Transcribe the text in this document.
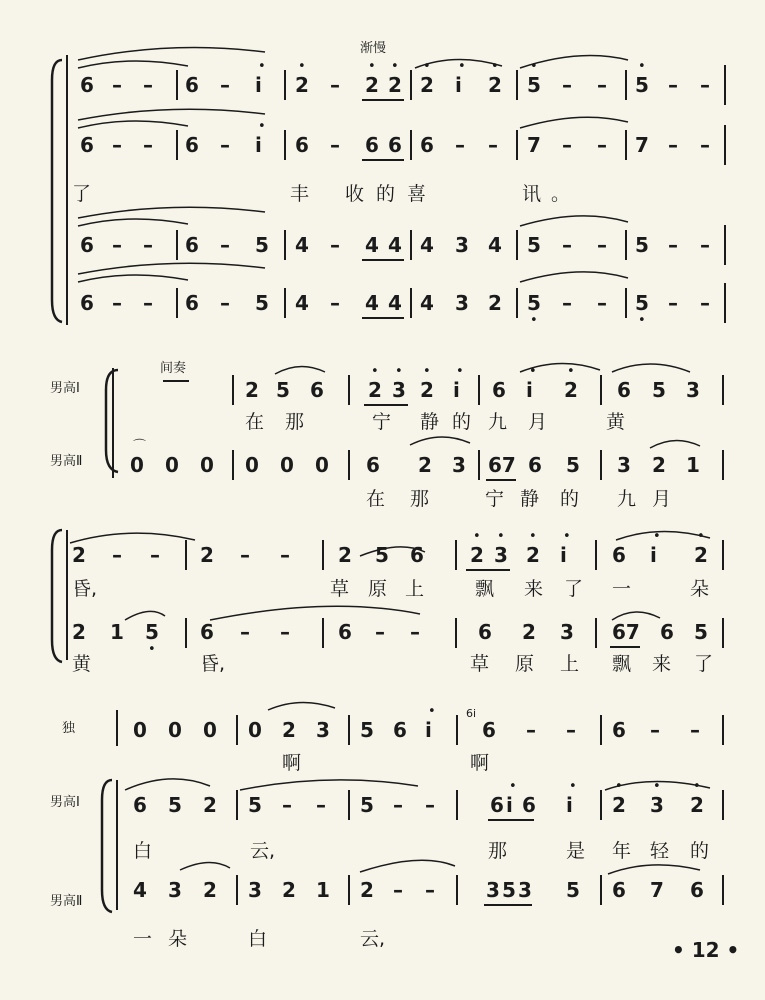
渐慢
6 – – 6 – i
•
2
•
– 2
•
2
•
2
•
i
•
2
•
5
•
– – 5
•
– –
6 – – 6 – i
•
6 – 6 6 6 – – 7 – – 7 – –
了	丰 收的喜	讯。
6 – – 6 – 5 4 – 4 4 4 3 4 5 – – 5 – –
6 – – 6 – 5 4 – 4 4 4 3 2 5
•
– – 5
•
– –
男高Ⅰ
男高Ⅱ
间奏
2 5 6 2
•
3
•
2
•
i
•
6 i
•
2
•
6 5 3
在 那	宁 静 的 九 月	黄
⌒
0 0 0 0 0 0 6 2 3 67 6 5 3 2 1
在 那	宁 静 的 九 月
2 – – 2 – – 2 5 6 2
•
3
•
2
•
i
•
6 i
•
2
•
昏,	草 原 上	飘 来 了 一	朵
2 1 5
•
6 – – 6 – –	6 2 3 67 6 5
黄	昏,	草 原 上 飘 来 了
独	0 0 0 0 2 3 5 6 i
•	6i
6 – – 6 – –
啊	啊
男高Ⅰ	6 5 2 5 – – 5 – –	6 i
•
6 i
•
2
•
3
•
2
•
白	云,	那	是 年 轻 的
男高Ⅱ	4 3 2 3 2 1 2 – –	3 5 3 5 6 7 6
一 朵	白	云,	• 12 •
